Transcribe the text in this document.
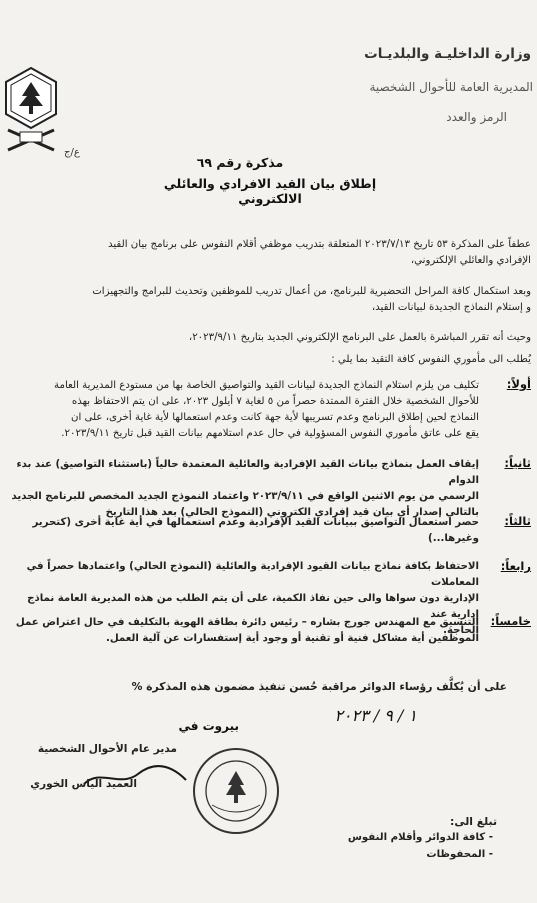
وزارة الداخليـة والبلديـات
المديرية العامة للأحوال الشخصية
الرمز والعدد
ع/ج
مذكرة رقم ٦٩
إطلاق بيان القيد الافرادي والعائلي الالكتروني
عطفاً على المذكرة ٥٣ تاريخ ٢٠٢٣/٧/١٣ المتعلقة بتدريب موظفي أقلام النفوس على برنامج بيان القيد
الإفرادي والعائلي الإلكتروني،
وبعد استكمال كافة المراحل التحضيرية للبرنامج، من أعمال تدريب للموظفين وتحديث للبرامج والتجهيزات
و إستلام النماذج الجديدة لبيانات القيد،
وحيث أنه تقرر المباشرة بالعمل على البرنامج الإلكتروني الجديد بتاريخ ٢٠٢٣/٩/١١،
يُطلب الى مأموري النفوس كافة التقيد بما يلي :
أولاً:
تكليف من يلزم استلام النماذج الجديدة لبيانات القيد والتواصيق الخاصة بها من مستودع المديرية العامة
للأحوال الشخصية خلال الفترة الممتدة حصراً من ٥ لغاية ٧ أيلول ٢٠٢٣، على ان يتم الاحتفاظ بهذه
النماذج لحين إطلاق البرنامج وعدم تسريبها لأية جهة كانت وعدم استعمالها لأية غاية أخرى، على ان
يقع على عاتق مأموري النفوس المسؤولية في حال عدم استلامهم بيانات القيد قبل تاريخ ٢٠٢٣/٩/١١.
ثانياً:
إيقاف العمل بنماذج بيانات القيد الإفرادية والعائلية المعتمدة حالياً (باستثناء التواصيق) عند بدء الدوام
الرسمي من يوم الاثنين الواقع في ٢٠٢٣/٩/١١ واعتماد النموذج الجديد المخصص للبرنامج الجديد
بالتالي إصدار أي بيان قيد إفرادي الكتروني (النموذج الحالي) بعد هذا التاريخ
ثالثاً:
حصر استعمال التواصيق ببيانات القيد الإفرادية وعدم استعمالها في أية غاية أخرى (كتحرير
وغيرها...)
رابعاً:
الاحتفاظ بكافة نماذج بيانات القيود الإفرادية والعائلية (النموذج الحالي) واعتمادها حصراً في المعاملات
الإدارية دون سواها والى حين نفاذ الكمية، على أن يتم الطلب من هذه المديرية العامة نماذج إدارية عند
الحاجة.
خامساً:
التنسيق مع المهندس جورج بشاره – رئيس دائرة بطاقة الهوية بالتكليف في حال اعتراض عمل
الموظفين أية مشاكل فنية أو تقنية أو وجود أية إستفسارات عن آلية العمل.
على أن يُكلَّف رؤساء الدوائر مراقبة حُسن تنفيذ مضمون هذه المذكرة %
بيروت في
١ / ٩ / ٢٠٢٣
مدير عام الأحوال الشخصية
العميد الياس الخوري
تبلغ الى:
- كافة الدوائر وأقلام النفوس
- المحفوظات
